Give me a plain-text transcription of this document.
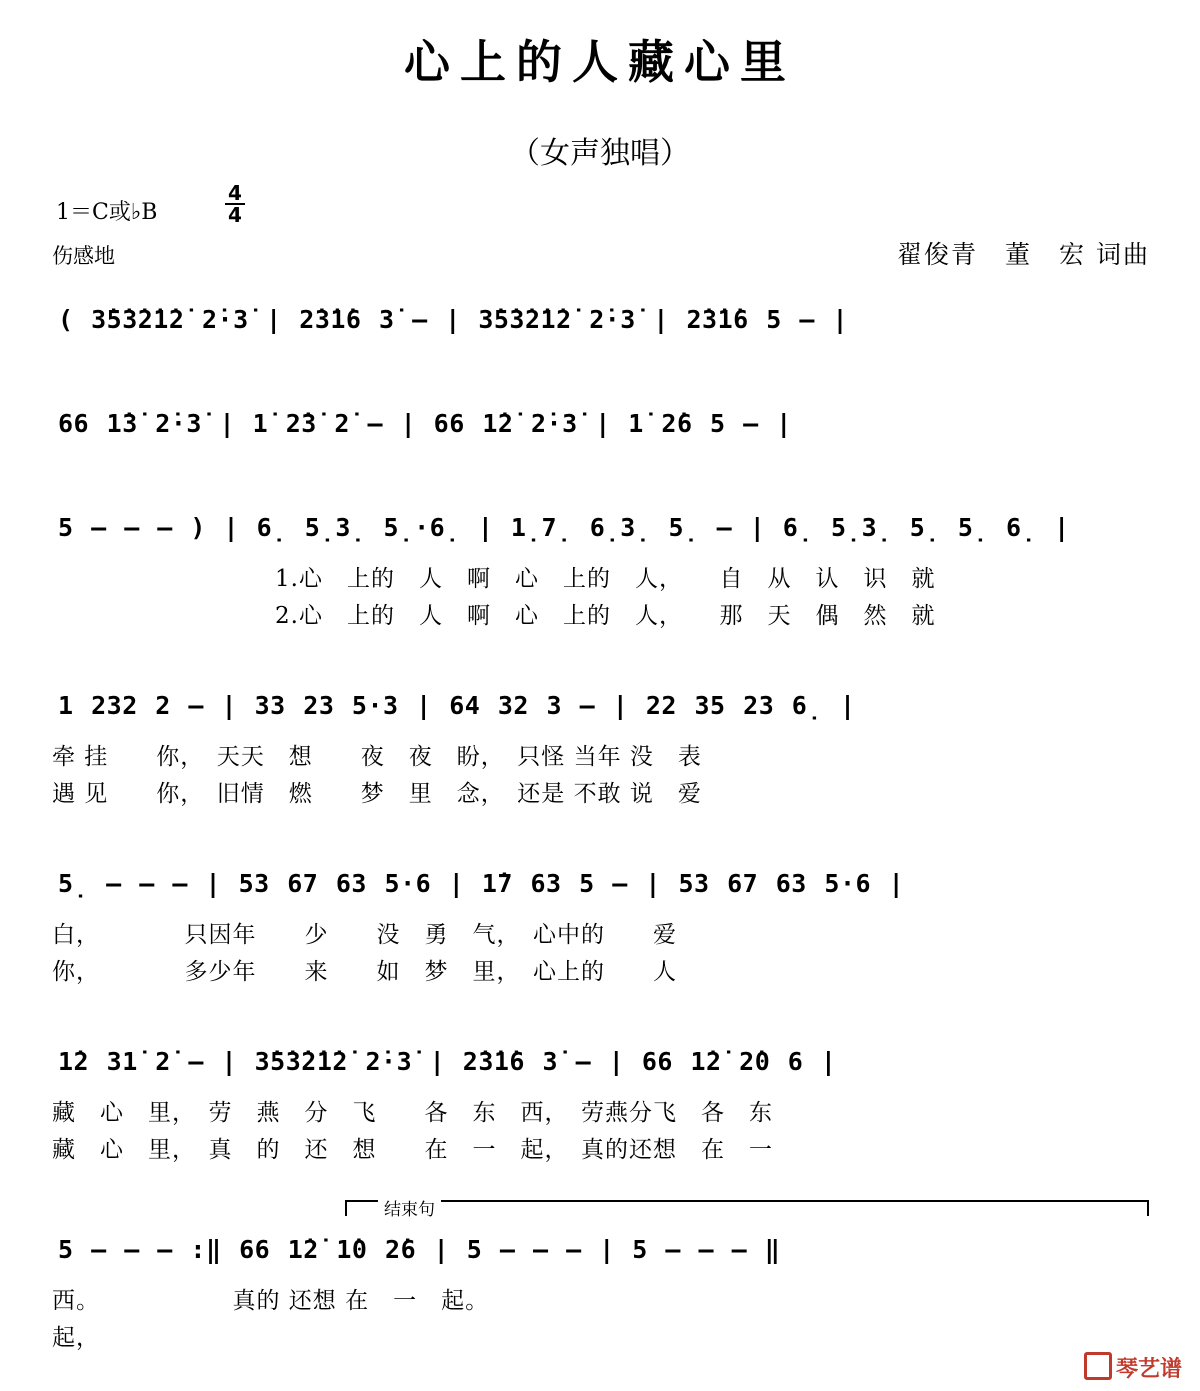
心上的人藏心里
（女声独唱）
1＝C或♭B
4
4
伤感地	翟俊青　董　宏 词曲
( 3̇5̇3̇2̇1̇2̇ 2̇·3̇ | 2̇3̇1̇6 3̇ – | 3̇5̇3̇2̇1̇2̇ 2̇·3̇ | 2̇3̇1̇6 5 – |
66 1̇3̇ 2̇·3̇ | 1̇ 2̇3̇ 2̇ – | 66 1̇2̇ 2̇·3̇ | 1̇ 2̇6 5 – |
5 – – – ) | 6̣ 5̣3̣ 5̣·6̣ | 1̣7̣ 6̣3̣ 5̣ – | 6̣ 5̣3̣ 5̣ 5̣ 6̣ |
1.心　上的　人　啊　心　上的　人，　　自　从　认　识　就
2.心　上的　人　啊　心　上的　人，　　那　天　偶　然　就
1 232 2 – | 33 23 5·3 | 64 32 3 – | 22 35 23 6̣ |
牵 挂　　你，　天天　想　　夜　夜　盼，　只怪 当年 没　表
遇 见　　你，　旧情　燃　　梦　里　念，　还是 不敢 说　爱
5̣ – – – | 53 67 63 5·6 | 1̇7 63 5 – | 53 67 63 5·6 |
白，　　　　只因年　　少　　没　勇　气，　心中的　　爱
你，　　　　多少年　　来　　如　梦　里，　心上的　　人
1̇2 31̇ 2̇ – | 3̇5̇3̇2̇1̇2̇ 2̇·3̇ | 2̇3̇1̇6 3̇ – | 66 1̇2̇ 2̇0 6 |
藏　心　里，　劳　燕　分　飞　　各　东　西，　劳燕分飞　各　东
藏　心　里，　真　的　还　想　　在　一　起，　真的还想　在　一
结束句
5 – – – :‖ 66 1̇2̇ 1̇0 2̇6 | 5 – – – | 5 – – – ‖
西。　　　　　　真的 还想 在　一　起。
起，
琴艺谱
